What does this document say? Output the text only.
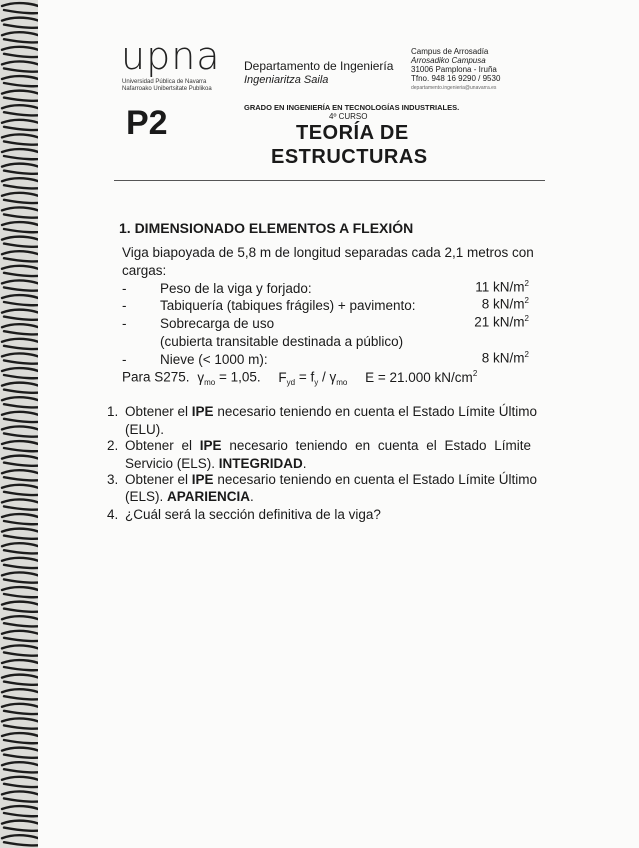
upna
Universidad Pública de Navarra
Nafarroako Unibertsitate Publikoa
P2
Departamento de Ingeniería
Ingeniaritza Saila
Campus de Arrosadía
Arrosadiko Campusa
31006 Pamplona - Iruña
Tfno. 948 16 9290 / 9530
departamento.ingenieria@unavarra.es
GRADO EN INGENIERÍA EN TECNOLOGÍAS INDUSTRIALES.
4º CURSO
TEORÍA DE
ESTRUCTURAS
1. DIMENSIONADO ELEMENTOS A FLEXIÓN
Viga biapoyada de 5,8 m de longitud separadas cada 2,1 metros con
cargas:
- Peso de la viga y forjado:	11 $kN/m^2$
- Tabiquería (tabiques frágiles) + pavimento:	8 $kN/m^2$
- Sobrecarga de uso	21 $kN/m^2$
(cubierta transitable destinada a público)
- Nieve (< 1000 m):	8 $kN/m^2$
Para S275. $\gamma_{mo} = 1,05$. $F_{yd} = f_y / \gamma_{mo}$ E = 21.000 $kN/cm^2$
1. Obtener el IPE necesario teniendo en cuenta el Estado Límite Último
(ELU).
2. Obtener el IPE necesario teniendo en cuenta el Estado Límite
Servicio (ELS). INTEGRIDAD.
3. Obtener el IPE necesario teniendo en cuenta el Estado Límite Último
(ELS). APARIENCIA.
4. ¿Cuál será la sección definitiva de la viga?
